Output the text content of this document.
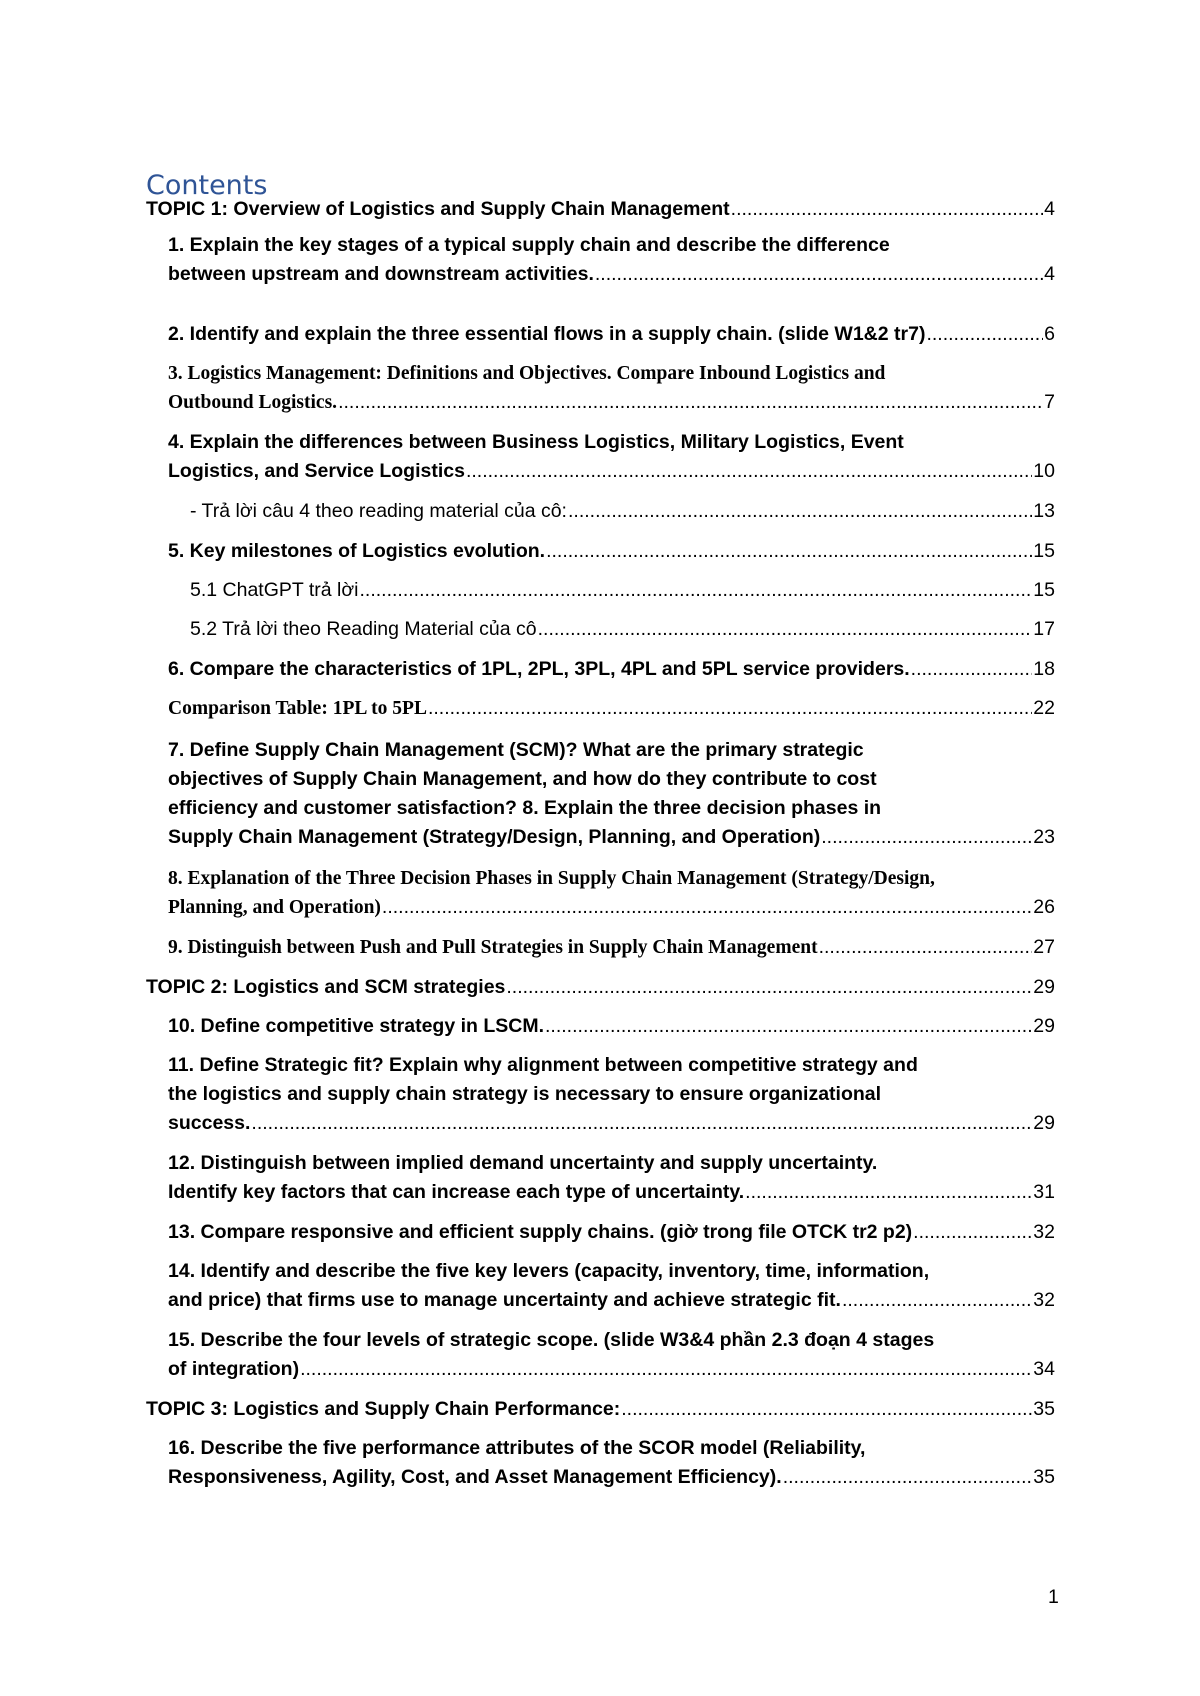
Contents
TOPIC 1: Overview of Logistics and Supply Chain Management .....	4
1. Explain the key stages of a typical supply chain and describe the difference
between upstream and downstream activities. .....	4
2. Identify and explain the three essential flows in a supply chain. (slide W1&2 tr7) .....	6
3. Logistics Management: Definitions and Objectives. Compare Inbound Logistics and
Outbound Logistics. .....	7
4. Explain the differences between Business Logistics, Military Logistics, Event
Logistics, and Service Logistics .....	10
- Trả lời câu 4 theo reading material của cô: .....	13
5. Key milestones of Logistics evolution. .....	15
5.1 ChatGPT trả lời .....	15
5.2 Trả lời theo Reading Material của cô .....	17
6. Compare the characteristics of 1PL, 2PL, 3PL, 4PL and 5PL service providers. .....	18
Comparison Table: 1PL to 5PL .....	22
7. Define Supply Chain Management (SCM)? What are the primary strategic
objectives of Supply Chain Management, and how do they contribute to cost
efficiency and customer satisfaction? 8. Explain the three decision phases in
Supply Chain Management (Strategy/Design, Planning, and Operation) .....	23
8. Explanation of the Three Decision Phases in Supply Chain Management (Strategy/Design,
Planning, and Operation) .....	26
9. Distinguish between Push and Pull Strategies in Supply Chain Management .....	27
TOPIC 2: Logistics and SCM strategies .....	29
10. Define competitive strategy in LSCM. .....	29
11. Define Strategic fit? Explain why alignment between competitive strategy and
the logistics and supply chain strategy is necessary to ensure organizational
success. .....	29
12. Distinguish between implied demand uncertainty and supply uncertainty.
Identify key factors that can increase each type of uncertainty. .....	31
13. Compare responsive and efficient supply chains. (giờ trong file OTCK tr2 p2) .....	32
14. Identify and describe the five key levers (capacity, inventory, time, information,
and price) that firms use to manage uncertainty and achieve strategic fit. .....	32
15. Describe the four levels of strategic scope. (slide W3&4 phần 2.3 đoạn 4 stages
of integration) .....	34
TOPIC 3: Logistics and Supply Chain Performance: .....	35
16. Describe the five performance attributes of the SCOR model (Reliability,
Responsiveness, Agility, Cost, and Asset Management Efficiency). .....	35
1
